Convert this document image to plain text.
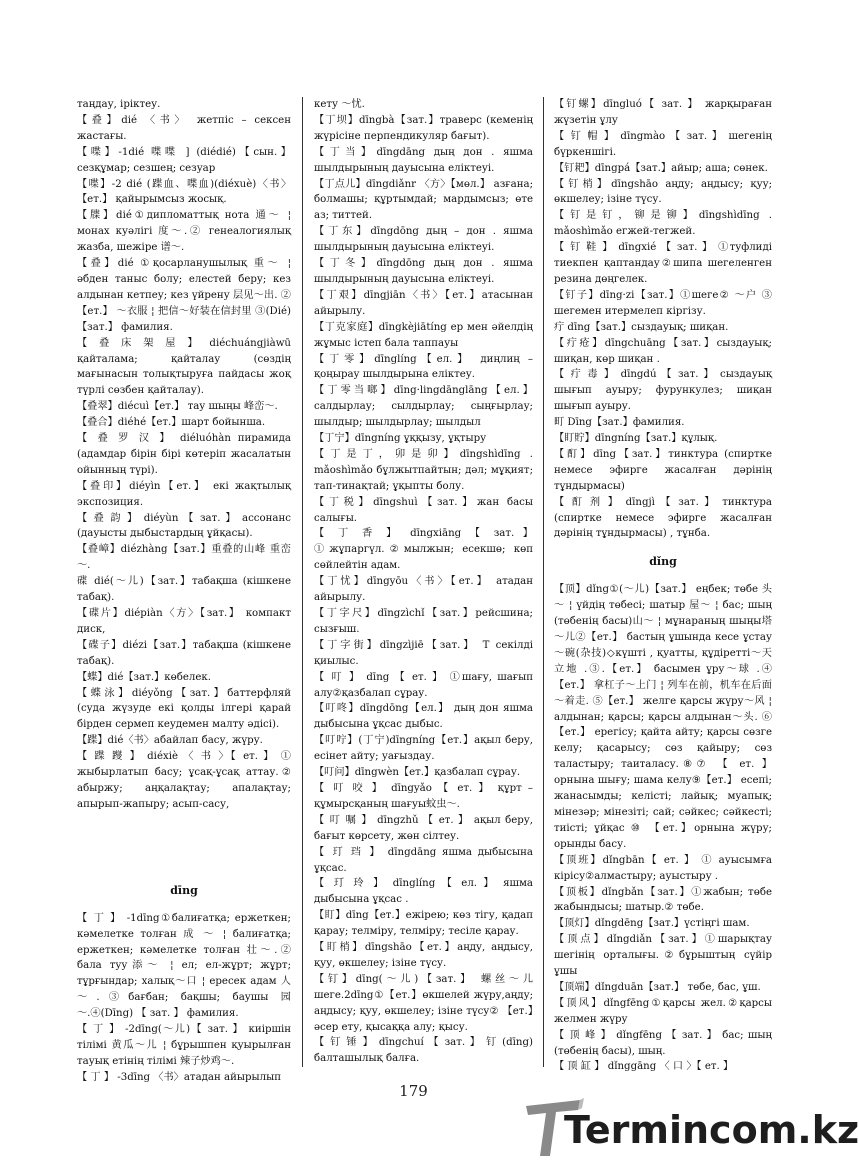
таңдау, іріктеу.

【叠】dié 〈书〉 жетпіс – сексен жастағы.

【喋】-1dié 喋喋 ] (diédié)【сын.】 сезқұмар; сезшең; сезуар

【喋】-2 dié (蹀血、喋血)(diéxuè)〈书〉【ет.】 қайырымсыз жосық.

【牒】dié①дипломаттық нота 通～ ¦ монах куәлігі 度～.② генеалогиялық жазба, шежіре 谱～.

【叠】dié ①қосарланушылық 重～ ¦ әбден таныс болу; елестей беру; кез алдынан кетпеу; кез үйрену 层见～出. ②【ет.】 ～衣服 ¦ 把信～好装在信封里 ③(Dié)【зат.】 фамилия.

【 叠 床 架 屋 】 diéchuángjiàwū қайталама; қайталау (сөздің мағынасын толықтыруға пайдасы жоқ түрлі сөзбен қайталау).

【叠翠】diécuì【ет.】 тау шыңы 峰峦～.

【叠合】diéhé【ет.】шарт бойынша.

【 叠 罗 汉 】 diéluóhàn пирамида (адамдар бірін бірі көтеріп жасалатын ойынның түрі).

【叠印】diéyìn【ет.】 екі жақтылық экспозиция.

【 叠 韵 】 diéyùn 【 зат. 】 ассонанс (дауысты дыбыстардың ұйқасы).

【叠嶂】diézhàng【зат.】重叠的山峰 重峦～.

碟 dié(～儿)【зат.】табақша (кішкене табақ).

【碟片】diépiàn〈方〉【зат.】 компакт диск,

【碟子】diézi【зат.】табақша (кішкене табақ).

【蝶】dié【зат.】көбелек.

【 蝶 泳 】 diéyǒng 【 зат. 】 баттерфляй (суда жүзуде екі қолды ілгері қарай бірден сермеп кеудемен малту әдісі).

【蹀】dié〈书〉абайлап басу, жүру.

【 蹀 躞 】 diéxiè 〈 书 〉【 ет. 】 ① жыбырлатып басу; ұсақ-ұсақ аттау.② абыржу; аңқалақтау; апалақтау; апырып-жапыру; асып-сасу,

dīng

【 丁 】 -1dīng①балиғатқа; ержеткен; кәмелетке толған 成 ～ ¦ балиғатқа; ержеткен; кәмелетке толған 壮～.② бала туу添～ ¦ ел; ел-жұрт; жұрт; тұрғындар; халық～口 ¦ ересек адам 人～.③бағбан; бақшы; баушы 园～.④(Dīng) 【 зат. 】 фамилия.

【 丁 】 -2dīng(～儿)【 зат. 】 киіршін тілімі 黄瓜～儿 ¦ бұрышпен қуырылған тауық етінің тілімі 辣子炒鸡～.

【 丁 】 -3dīng 〈书〉атадан айырылып

кету ～忧.

【丁坝】dīngbà【зат.】траверс (кеменің жүрісіне перпендикуляр бағыт).

【丁当】dīngdāng дың дон . яшма шылдырының дауысына еліктеуі.

【丁点儿】dīngdiǎnr 〈方〉【мөл.】 азғана; болмашы; құртымдай; мардымсыз; өте аз; титтей.

【丁东】dīngdōng дың – дон . яшма шылдырының дауысына еліктеуі.

【丁冬】dīngdōng дың дон . яшма шылдырының дауысына еліктеуі.

【丁艰】dīngjiān〈书〉【ет.】атасынан айырылу.

【丁克家庭】dīngkèjiātíng ер мен әйелдің жұмыс істеп бала таппауы

【丁零】dīnglíng【ел.】 диңлиң – қоңырау шылдырына еліктеу.

【丁零当啷】dīng·lingdānglāng【ел.】 салдырлау; сылдырлау; сыңғырлау; шылдыр; шылдырлау; шылдыл

【丁宁】dīngníng ұққызу, ұқтыру

【丁是丁，卯是卯】dīngshìdīng . mǎoshìmǎo бұлжытпайтын; дәл; мұқият; тап-тинақтай; ұқыпты болу.

【丁税】dīngshuì【зат.】жан басы салығы.

【 丁 香 】 dīngxiāng 【 зат. 】 ①жұпаргүл.②мылжын; есекшө; көп сөйлейтін адам.

【丁忧】dīngyōu〈书〉【ет.】 атадан айырылу.

【丁字尺】dīngzìchǐ【зат.】рейсшина; сызғыш.

【丁字街】dīngzìjiē【зат.】 Т секілді қиылыс.

【 叮 】 dīng 【 ет. 】 ①шағу, шағып алу②қазбалап сұрау.

【叮咚】dīngdōng【ел.】 дың дон яшма дыбысына ұқсас дыбыс.

【叮咛】(丁宁)dīngníng【ет.】ақыл беру, есінет айту; уағыздау.

【叮问】dīngwèn【ет.】қазбалап сұрау.

【 叮 咬 】 dīngyǎo 【 ет. 】 құрт – құмырсқаның шағуы蚊虫～.

【 叮 嘱 】 dīngzhǔ 【 ет. 】 ақыл беру, бағыт көрсету, жөн сілтеу.

【 玎 珰 】 dīngdāng яшма дыбысына ұқсас.

【 玎 玲 】 dīnglíng 【 ел. 】 яшма дыбысына ұқсас .

【盯】dīng【ет.】ежірею; көз тігу, қадап қарау; телміру, телміру; тесіле қарау.

【盯梢】dīngshāo【ет.】аңду, аңдысу, қуу, өкшелеу; ізіне түсу.

【钉】dīng(～儿)【зат.】 螺丝～儿 шеге.2dīng①【ет.】өкшелей жүру,аңду; аңдысу; қуу, өкшелеу; ізіне түсу② 【ет.】әсер ету, қысаққа алу; қысу.

【 钉 锤 】 dīngchuí 【 зат. 】 钉 (dīng) балташылық балға.

【钉螺】dīngluó【 зат. 】 жарқыраған жүзетін ұлу

【 钉 帽 】 dīngmào 【 зат. 】 шегенің бүркеншігі.

【钉耙】dīngpá【зат.】айыр; аша; сөнек.

【钉梢】dīngshāo аңду; аңдысу; қуу; өкшелеу; ізіне түсу.

【钉是钉，铆是铆】dīngshìdīng . mǎoshìmǎo егжей-тегжей.

【 钉 鞋 】 dīngxié 【 зат. 】 ①туфлиді тиекпен қаптандау②шипа шегеленген резина дөңгелек.

【钉子】dīng·zi【зат.】①шеге② ～户 ③ шегемен итермелеп кіргізу.

疔 dīng【зат.】сыздауық; шиқан.

【疔疮】dīngchuāng【зат.】сыздауық; шиқан, көр шиқан .

【 疔 毒 】 dīngdú 【 зат. 】 сыздауық шығып ауыру; фурункулез; шиқан шығып ауыру.

町 Dīng【зат.】фамилия.

【盯貯】dīngníng【зат.】құлық.

【酊】dīng【зат.】тинктура (спиртке немесе эфирге жасалған дәрінің тұндырмасы)

【 酊 剂 】 dīngjì 【 зат. 】 тинктура (спиртке немесе эфирге жасалған дәрінің тұндырмасы) , тұнба.

dǐng

【顶】dǐng①(～儿)【зат.】 еңбек; төбе 头～ ¦ үйдің төбесі; шатыр 屋～ ¦ бас; шың (төбенің басы)山～ ¦ мұнараның шыңы塔～儿②【ет.】 бастың ұшында кесе ұстау～碗(杂技)◇күшті , қуатты, құдіретті～天立地 .③.【ет.】 басымен ұру～球 .④【ет.】 拿杠子～上门 ¦ 列车在前，机车在后面～着走. ⑤【ет.】 желге қарсы жүру～风 ¦ алдынан; қарсы; қарсы алдынан～头. ⑥【ет.】 ерегісу; қайта айту; қарсы сөзге келу; қасарысу; сөз қайыру; сөз таластыру; таиталасу.⑧⑦ 【 ет. 】 орнына шығу; шама келу⑨【ет.】 есепі; жанасымды; келісті; лайық; муапық; мінезәр; мінезіті; сай; сәйкес; сәйкесті; тиісті; ұйқас ⑩ 【ет.】орнына жүру; орынды басу.

【顶班】dǐngbān【 ет. 】 ① ауысымға кірісу②алмастыру; ауыстыру .

【顶板】dǐngbǎn【зат.】①жабын; төбе жабындысы; шатыр.② төбе.

【顶灯】dǐngdēng【зат.】үстіңгі шам.

【顶点】dǐngdiǎn【зат.】①шарықтау шегінің орталығы.②бұрыштың сүйір ұшы

【顶端】dǐngduān【зат.】 төбе, бас, ұш.

【顶风】dǐngfēng①қарсы жел.②қарсы желмен жүру

【 顶 峰 】 dǐngfēng 【 зат. 】 бас; шың (төбенің басы), шың.

【 顶 缸 】 dǐnggāng 〈 口 〉【 ет. 】

179
Termincom.kz
